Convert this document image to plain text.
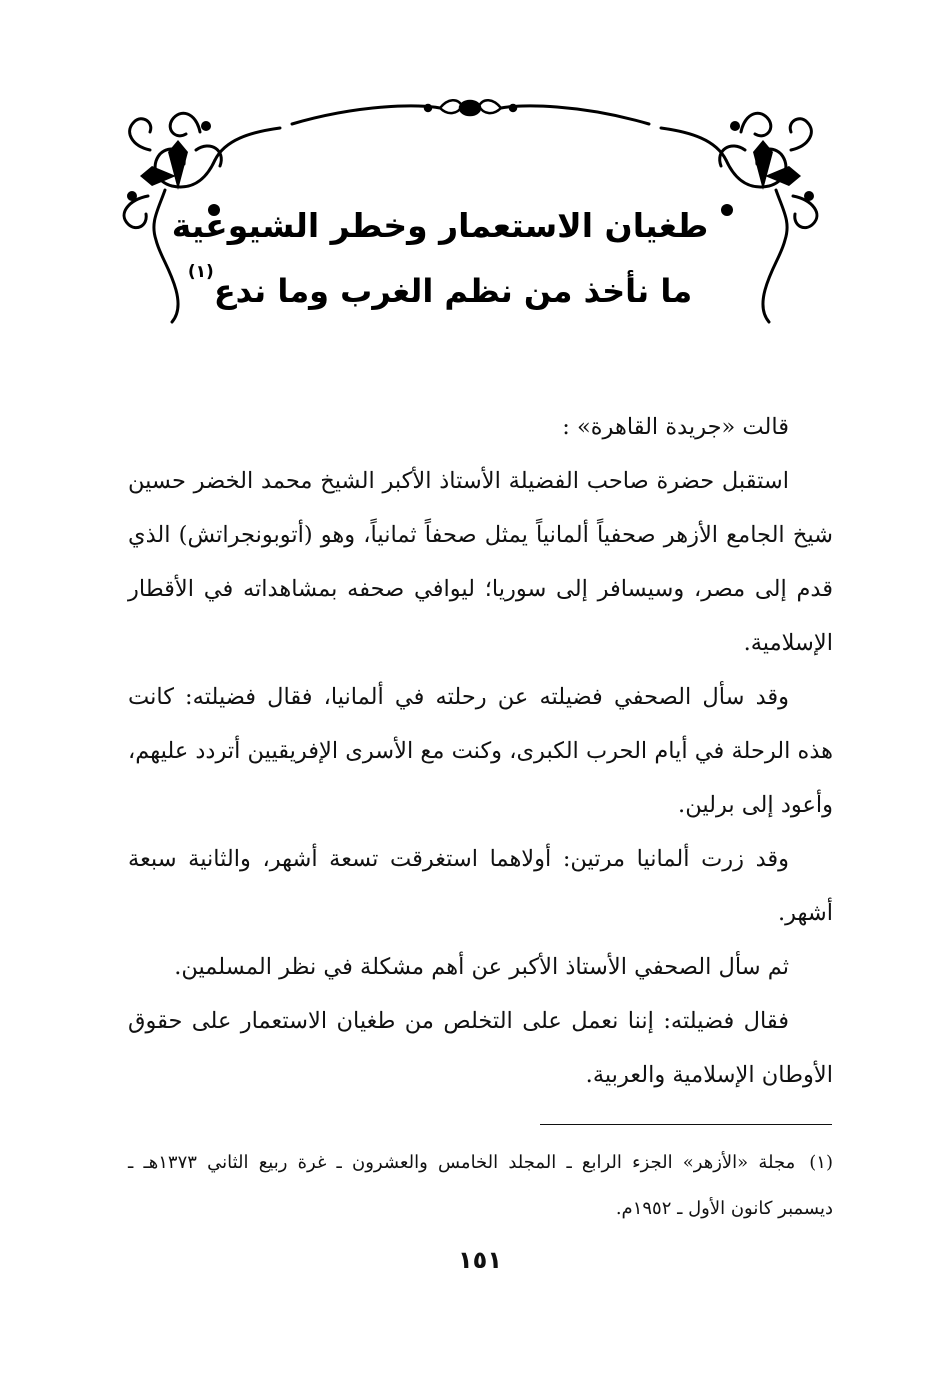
طغيان الاستعمار وخطر الشيوعية
ما نأخذ من نظم الغرب وما ندع$^{(١)}$

قالت «جريدة القاهرة» :

استقبل حضرة صاحب الفضيلة الأستاذ الأكبر الشيخ محمد الخضر حسين شيخ الجامع الأزهر صحفياً ألمانياً يمثل صحفاً ثمانياً، وهو (أتوبونجراتش) الذي قدم إلى مصر، وسيسافر إلى سوريا؛ ليوافي صحفه بمشاهداته في الأقطار الإسلامية.

وقد سأل الصحفي فضيلته عن رحلته في ألمانيا، فقال فضيلته: كانت هذه الرحلة في أيام الحرب الكبرى، وكنت مع الأسرى الإفريقيين أتردد عليهم، وأعود إلى برلين.

وقد زرت ألمانيا مرتين: أولاهما استغرقت تسعة أشهر، والثانية سبعة أشهر.

ثم سأل الصحفي الأستاذ الأكبر عن أهم مشكلة في نظر المسلمين.

فقال فضيلته: إننا نعمل على التخلص من طغيان الاستعمار على حقوق الأوطان الإسلامية والعربية.

(١)مجلة «الأزهر» الجزء الرابع ـ المجلد الخامس والعشرون ـ غرة ربيع الثاني ١٣٧٣هـ ـ ديسمبر كانون الأول ـ ١٩٥٢م.

١٥١
